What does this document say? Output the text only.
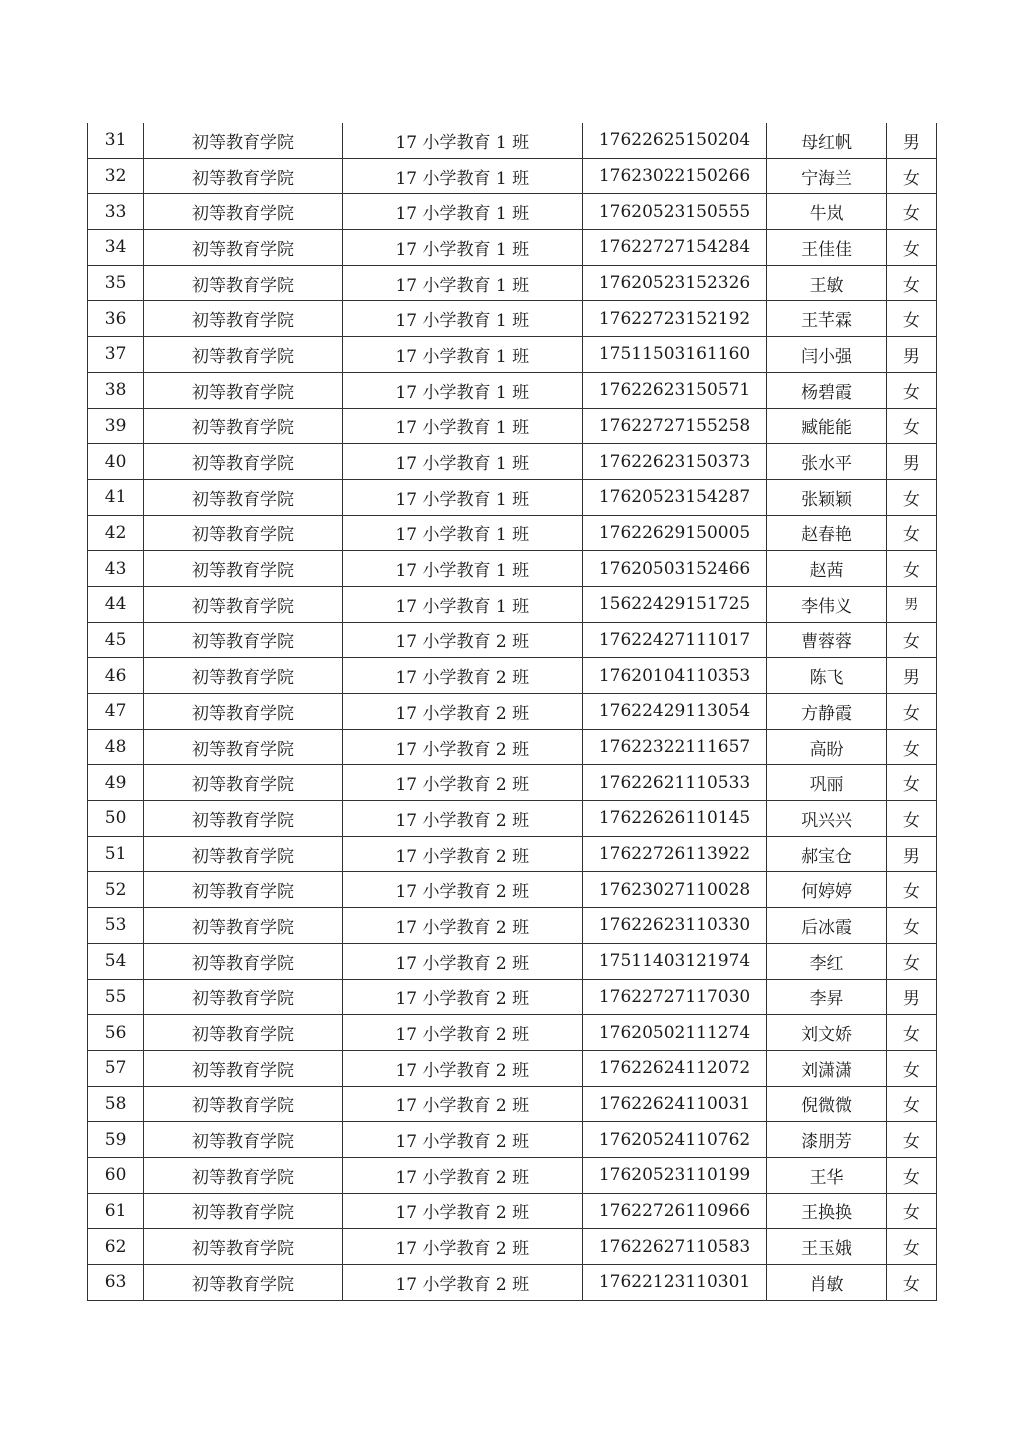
31	初等教育学院	17 小学教育 1 班	17622625150204	母红帆	男
32	初等教育学院	17 小学教育 1 班	17623022150266	宁海兰	女
33	初等教育学院	17 小学教育 1 班	17620523150555	牛岚	女
34	初等教育学院	17 小学教育 1 班	17622727154284	王佳佳	女
35	初等教育学院	17 小学教育 1 班	17620523152326	王敏	女
36	初等教育学院	17 小学教育 1 班	17622723152192	王芊霖	女
37	初等教育学院	17 小学教育 1 班	17511503161160	闫小强	男
38	初等教育学院	17 小学教育 1 班	17622623150571	杨碧霞	女
39	初等教育学院	17 小学教育 1 班	17622727155258	臧能能	女
40	初等教育学院	17 小学教育 1 班	17622623150373	张水平	男
41	初等教育学院	17 小学教育 1 班	17620523154287	张颖颖	女
42	初等教育学院	17 小学教育 1 班	17622629150005	赵春艳	女
43	初等教育学院	17 小学教育 1 班	17620503152466	赵茜	女
44	初等教育学院	17 小学教育 1 班	15622429151725	李伟义	男
45	初等教育学院	17 小学教育 2 班	17622427111017	曹蓉蓉	女
46	初等教育学院	17 小学教育 2 班	17620104110353	陈飞	男
47	初等教育学院	17 小学教育 2 班	17622429113054	方静霞	女
48	初等教育学院	17 小学教育 2 班	17622322111657	高盼	女
49	初等教育学院	17 小学教育 2 班	17622621110533	巩丽	女
50	初等教育学院	17 小学教育 2 班	17622626110145	巩兴兴	女
51	初等教育学院	17 小学教育 2 班	17622726113922	郝宝仓	男
52	初等教育学院	17 小学教育 2 班	17623027110028	何婷婷	女
53	初等教育学院	17 小学教育 2 班	17622623110330	后冰霞	女
54	初等教育学院	17 小学教育 2 班	17511403121974	李红	女
55	初等教育学院	17 小学教育 2 班	17622727117030	李昇	男
56	初等教育学院	17 小学教育 2 班	17620502111274	刘文娇	女
57	初等教育学院	17 小学教育 2 班	17622624112072	刘潇潇	女
58	初等教育学院	17 小学教育 2 班	17622624110031	倪微微	女
59	初等教育学院	17 小学教育 2 班	17620524110762	漆朋芳	女
60	初等教育学院	17 小学教育 2 班	17620523110199	王华	女
61	初等教育学院	17 小学教育 2 班	17622726110966	王换换	女
62	初等教育学院	17 小学教育 2 班	17622627110583	王玉娥	女
63	初等教育学院	17 小学教育 2 班	17622123110301	肖敏	女
